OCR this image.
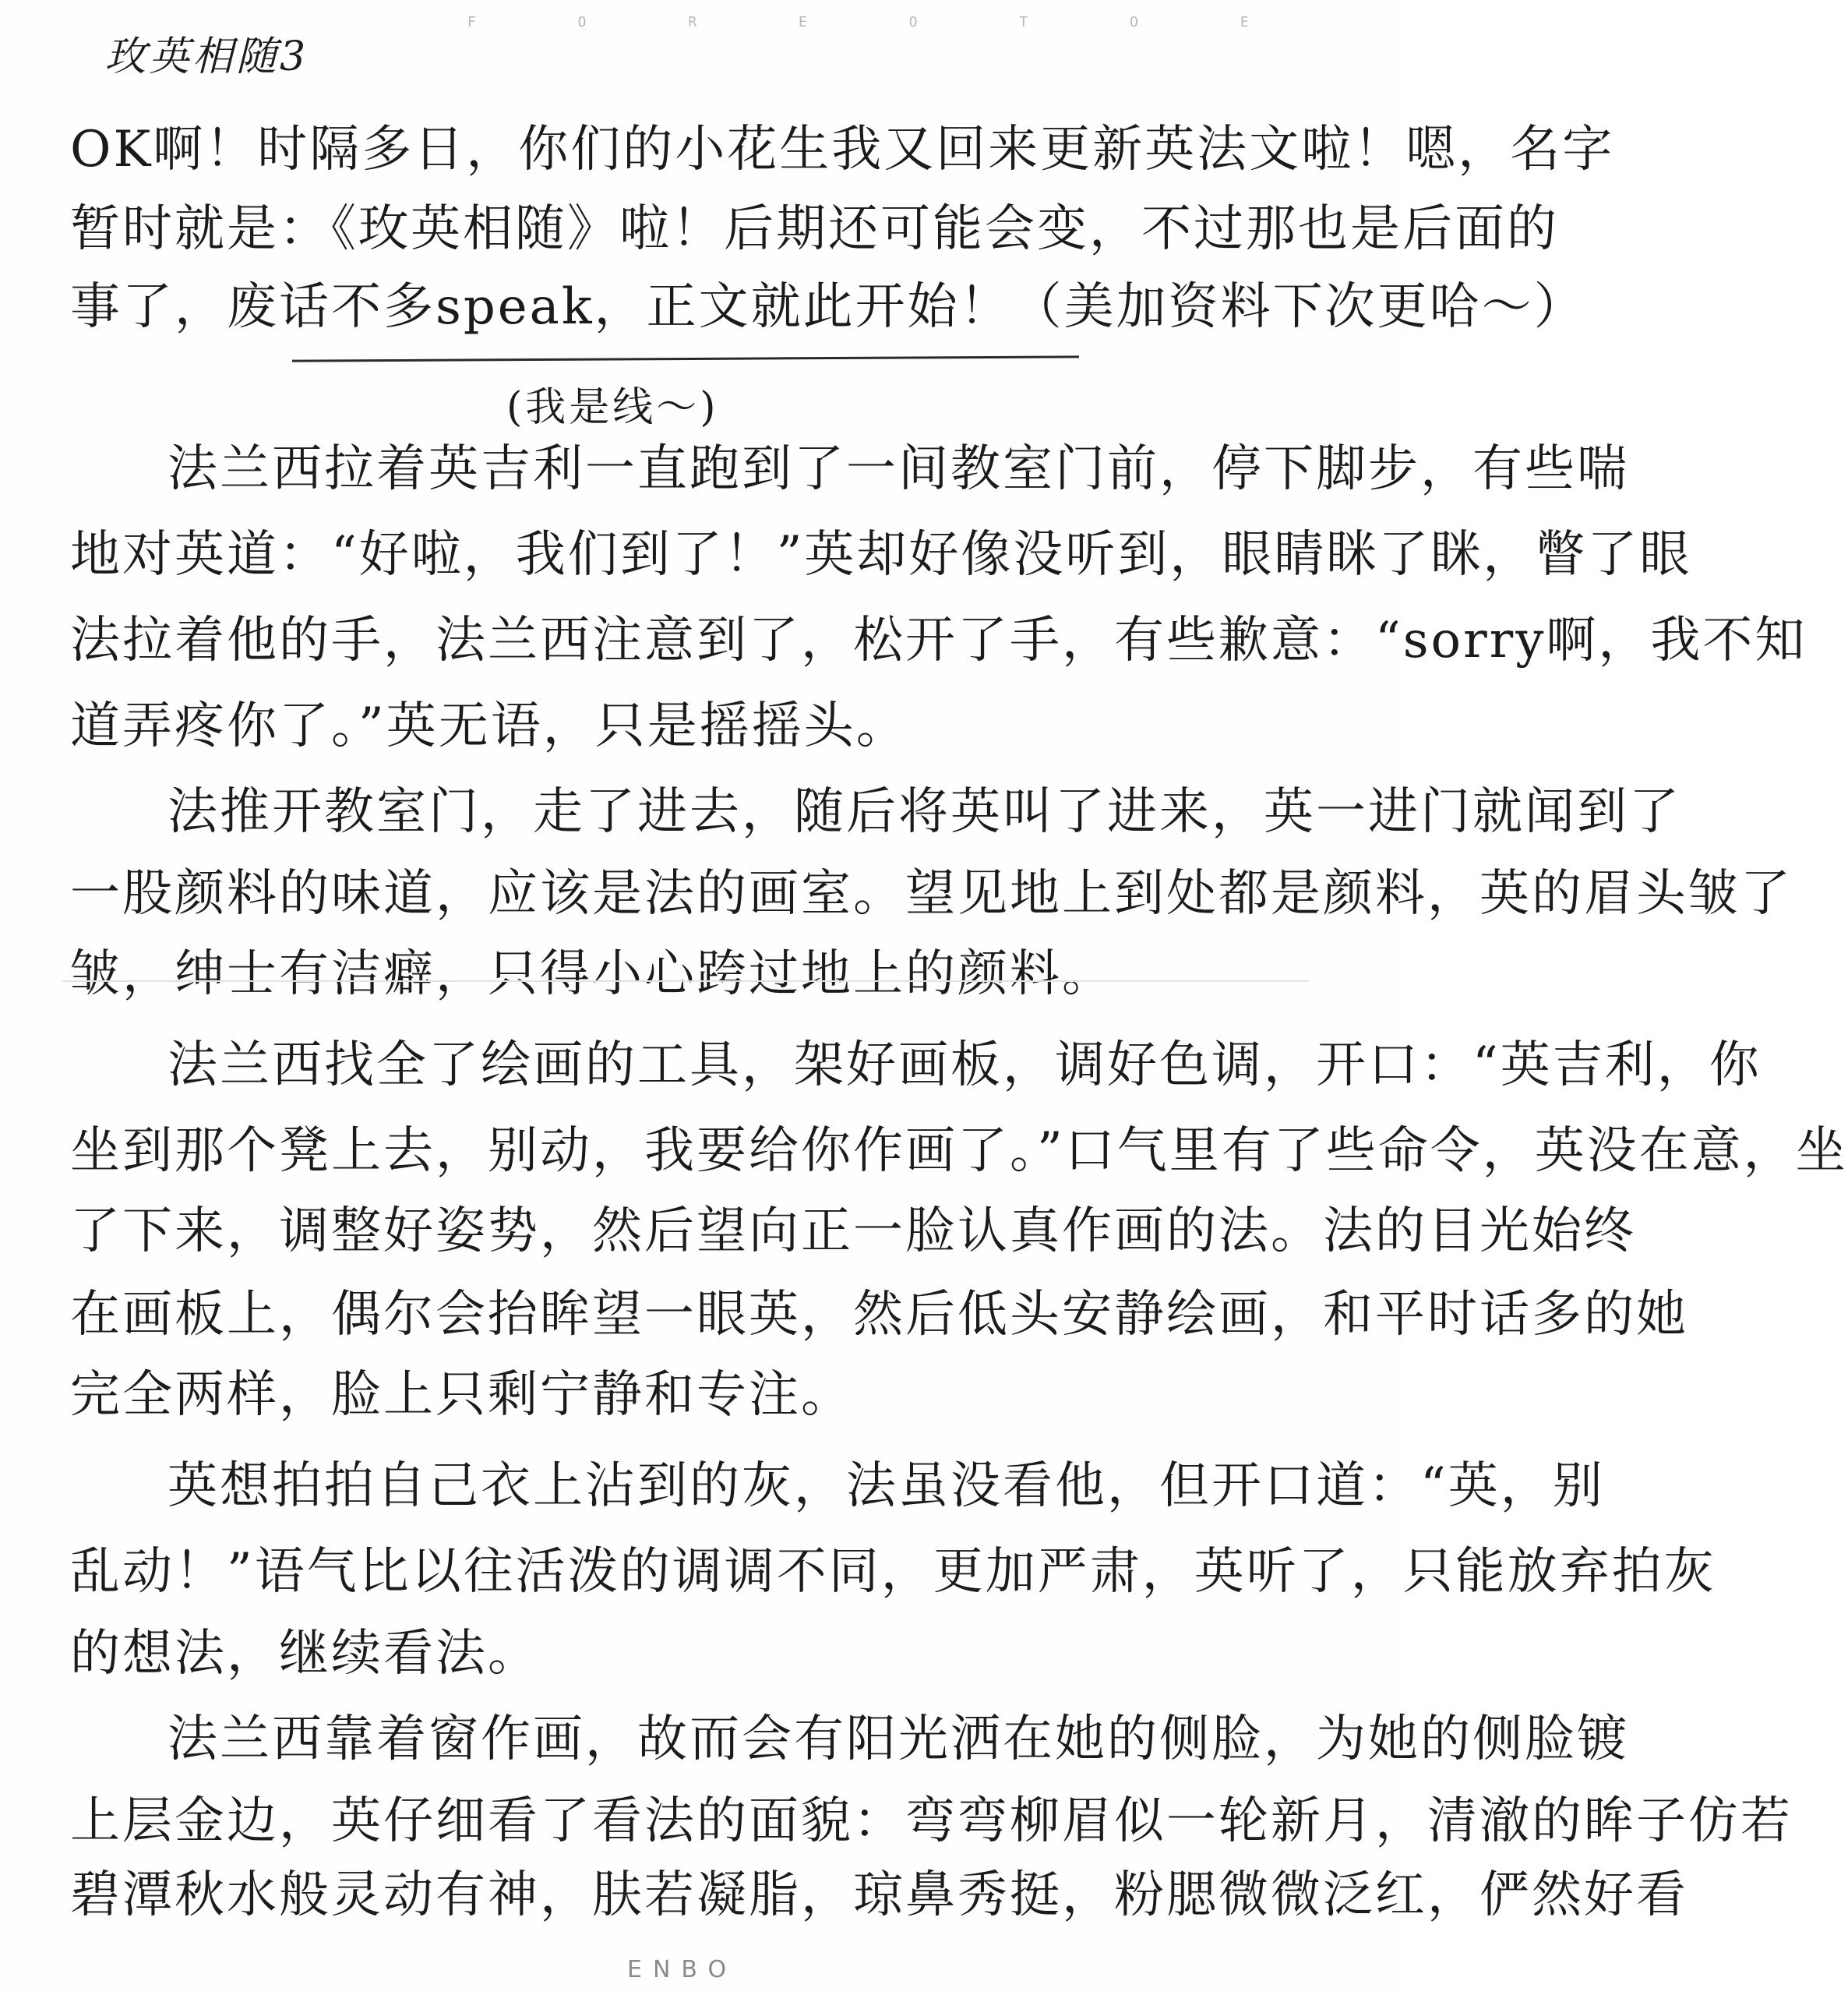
F O R E O T O E
玫英相随3
OK啊！时隔多日，你们的小花生我又回来更新英法文啦！嗯，名字
暂时就是：《玫英相随》啦！后期还可能会变，不过那也是后面的
事了，废话不多speak，正文就此开始！（美加资料下次更哈～）
(我是线～)
法兰西拉着英吉利一直跑到了一间教室门前，停下脚步，有些喘
地对英道：“好啦，我们到了！”英却好像没听到，眼睛眯了眯，瞥了眼
法拉着他的手，法兰西注意到了，松开了手，有些歉意：“sorry啊，我不知
道弄疼你了。”英无语，只是摇摇头。
法推开教室门，走了进去，随后将英叫了进来，英一进门就闻到了
一股颜料的味道，应该是法的画室。望见地上到处都是颜料，英的眉头皱了
皱，绅士有洁癖，只得小心跨过地上的颜料。
法兰西找全了绘画的工具，架好画板，调好色调，开口：“英吉利，你
坐到那个凳上去，别动，我要给你作画了。”口气里有了些命令，英没在意，坐
了下来，调整好姿势，然后望向正一脸认真作画的法。法的目光始终
在画板上，偶尔会抬眸望一眼英，然后低头安静绘画，和平时话多的她
完全两样，脸上只剩宁静和专注。
英想拍拍自己衣上沾到的灰，法虽没看他，但开口道：“英，别
乱动！”语气比以往活泼的调调不同，更加严肃，英听了，只能放弃拍灰
的想法，继续看法。
法兰西靠着窗作画，故而会有阳光洒在她的侧脸，为她的侧脸镀
上层金边，英仔细看了看法的面貌：弯弯柳眉似一轮新月，清澈的眸子仿若
碧潭秋水般灵动有神，肤若凝脂，琼鼻秀挺，粉腮微微泛红，俨然好看
ENBO
